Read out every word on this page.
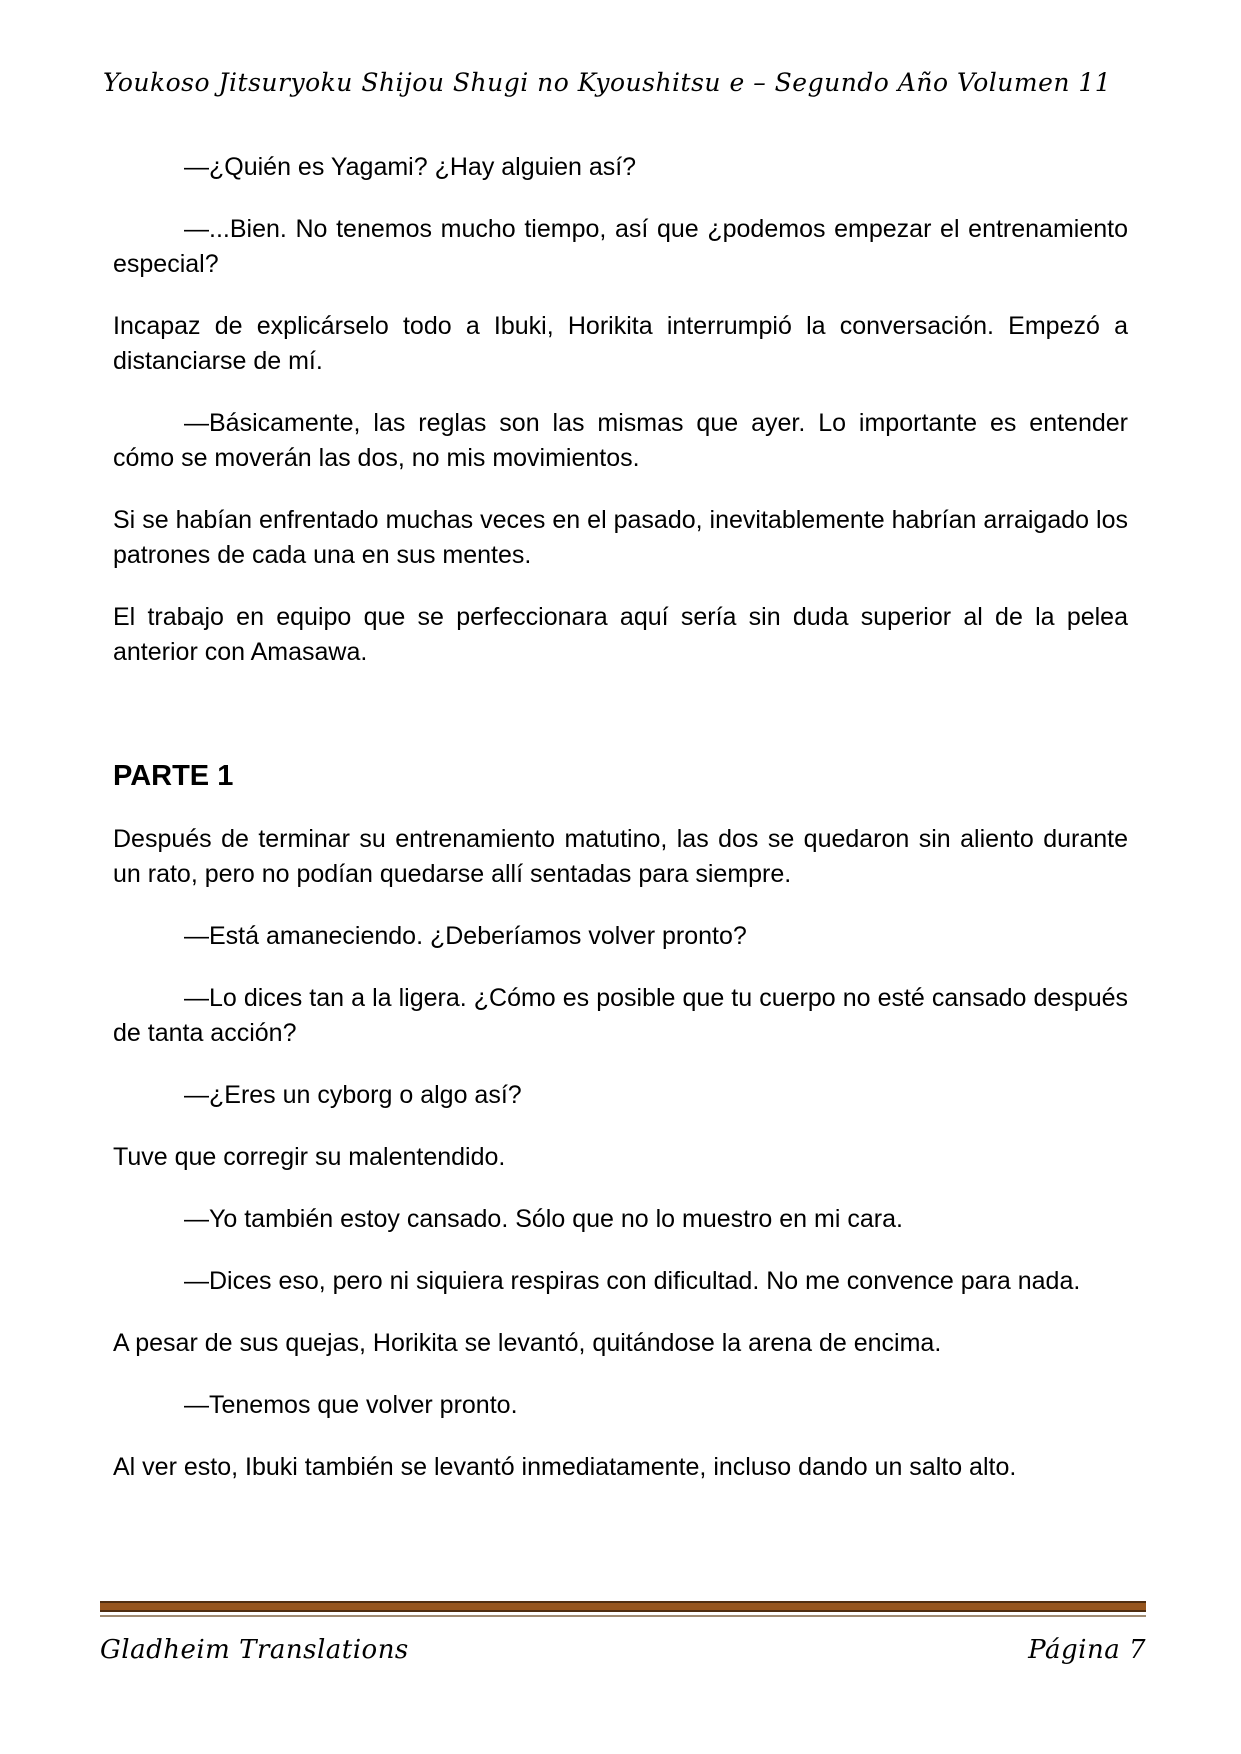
Youkoso Jitsuryoku Shijou Shugi no Kyoushitsu e – Segundo Año Volumen 11

—¿Quién es Yagami? ¿Hay alguien así?

—...Bien. No tenemos mucho tiempo, así que ¿podemos empezar el entrenamiento especial?

Incapaz de explicárselo todo a Ibuki, Horikita interrumpió la conversación. Empezó a distanciarse de mí.

—Básicamente, las reglas son las mismas que ayer. Lo importante es entender cómo se moverán las dos, no mis movimientos.

Si se habían enfrentado muchas veces en el pasado, inevitablemente habrían arraigado los patrones de cada una en sus mentes.

El trabajo en equipo que se perfeccionara aquí sería sin duda superior al de la pelea anterior con Amasawa.

PARTE 1

Después de terminar su entrenamiento matutino, las dos se quedaron sin aliento durante un rato, pero no podían quedarse allí sentadas para siempre.

—Está amaneciendo. ¿Deberíamos volver pronto?

—Lo dices tan a la ligera. ¿Cómo es posible que tu cuerpo no esté cansado después de tanta acción?

—¿Eres un cyborg o algo así?

Tuve que corregir su malentendido.

—Yo también estoy cansado. Sólo que no lo muestro en mi cara.

—Dices eso, pero ni siquiera respiras con dificultad. No me convence para nada.

A pesar de sus quejas, Horikita se levantó, quitándose la arena de encima.

—Tenemos que volver pronto.

Al ver esto, Ibuki también se levantó inmediatamente, incluso dando un salto alto.

Gladheim Translations	Página 7
